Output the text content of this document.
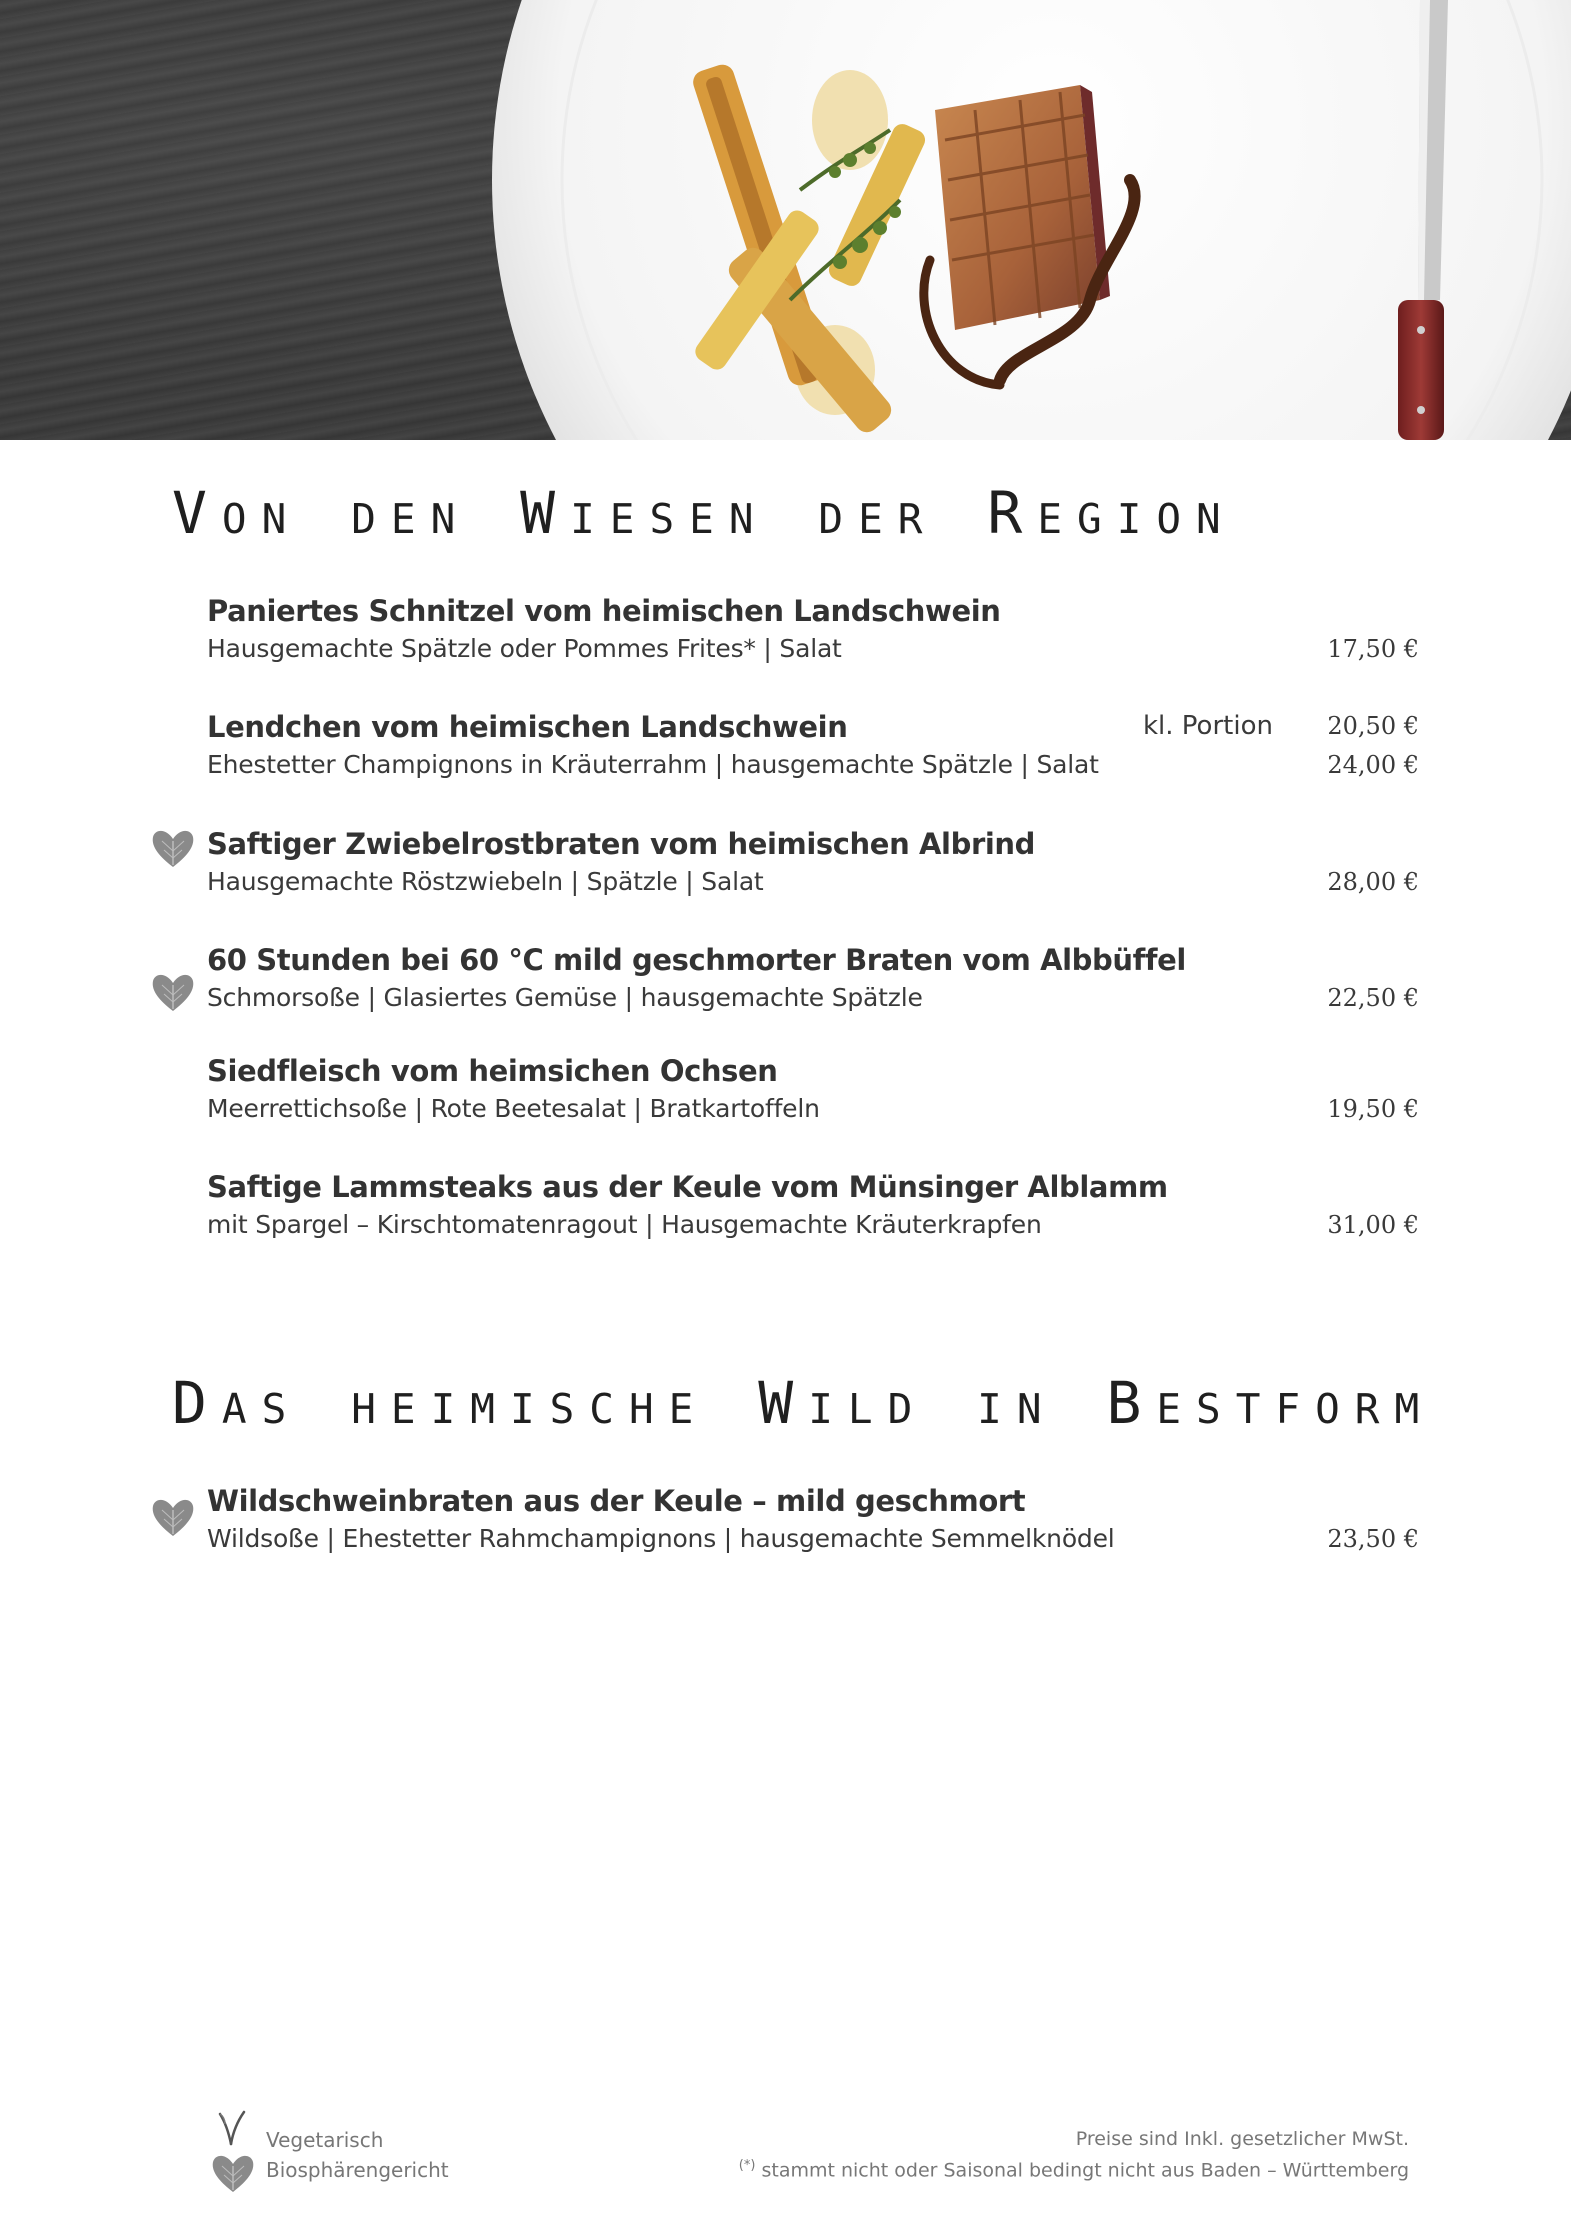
Von den Wiesen der Region
Paniertes Schnitzel vom heimischen Landschwein
Hausgemachte Spätzle oder Pommes Frites* | Salat	17,50 €
Lendchen vom heimischen Landschwein	kl. Portion 20,50 €
Ehestetter Champignons in Kräuterrahm | hausgemachte Spätzle | Salat	24,00 €
Saftiger Zwiebelrostbraten vom heimischen Albrind
Hausgemachte Röstzwiebeln | Spätzle | Salat	28,00 €
60 Stunden bei 60 °C mild geschmorter Braten vom Albbüffel
Schmorsoße | Glasiertes Gemüse | hausgemachte Spätzle	22,50 €
Siedfleisch vom heimsichen Ochsen
Meerrettichsoße | Rote Beetesalat | Bratkartoffeln	19,50 €
Saftige Lammsteaks aus der Keule vom Münsinger Alblamm
mit Spargel – Kirschtomatenragout | Hausgemachte Kräuterkrapfen	31,00 €
Das heimische Wild in Bestform
Wildschweinbraten aus der Keule – mild geschmort
Wildsoße | Ehestetter Rahmchampignons | hausgemachte Semmelknödel	23,50 €
Vegetarisch
Biosphärengericht
Preise sind Inkl. gesetzlicher MwSt.
(*) stammt nicht oder Saisonal bedingt nicht aus Baden – Württemberg
